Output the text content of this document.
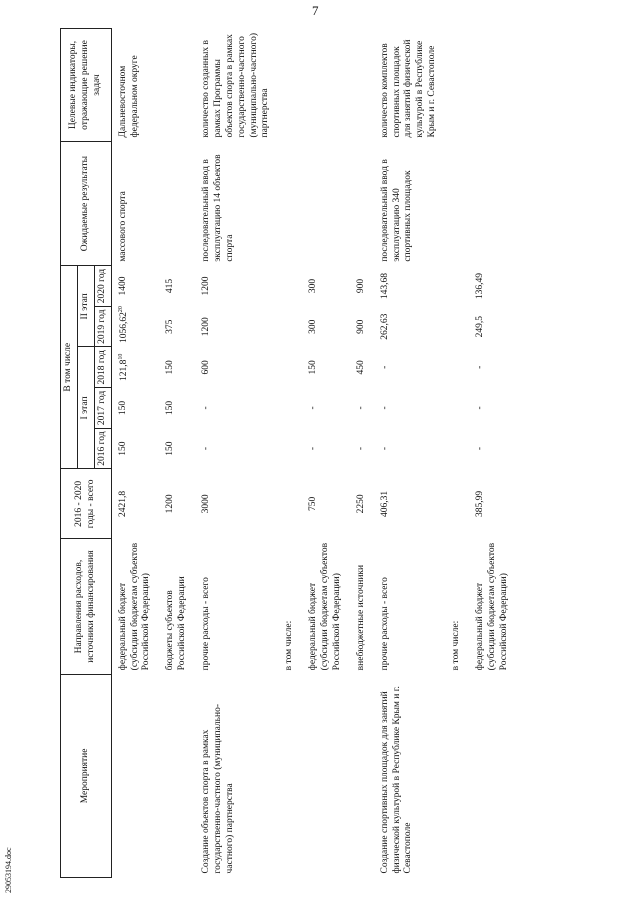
7
29053194.doc
Мероприятие	Направления расходов, источники финансирования	2016 - 2020 годы - всего	В том числе					Ожидаемые результаты	Целевые индикаторы, отражающие решение задач
			I этап			II этап			
			2016 год	2017 год	2018 год	2019 год	2020 год		
	федеральный бюджет (субсидии бюджетам субъектов Российской Федерации)	2421,8	150	150	121,8$^{10}$	1056,62$^{20}$	1400	массового спорта	Дальневосточном федеральном округе
	бюджеты субъектов Российской Федерации	1200	150	150	150	375	415		
Создание объектов спорта в рамках государственно-частного (муниципально-частного) партнерства	прочие расходы - всего	3000	-	-	600	1200	1200	последовательный ввод в эксплуатацию 14 объектов спорта	количество созданных в рамках Программы объектов спорта в рамках государственно-частного (муниципально-частного) партнерства
	в том числе:								
	федеральный бюджет (субсидии бюджетам субъектов Российской Федерации)	750	-	-	150	300	300		
	внебюджетные источники	2250	-	-	450	900	900		
Создание спортивных площадок для занятий физической культурой в Республике Крым и г. Севастополе	прочие расходы - всего	406,31	-	-	-	262,63	143,68	последовательный ввод в эксплуатацию 340 спортивных площадок	количество комплектов спортивных площадок для занятий физической культурой в Республике Крым и г. Севастополе
	в том числе:								
	федеральный бюджет (субсидии бюджетам субъектов Российской Федерации)	385,99	-	-	-	249,5	136,49		
